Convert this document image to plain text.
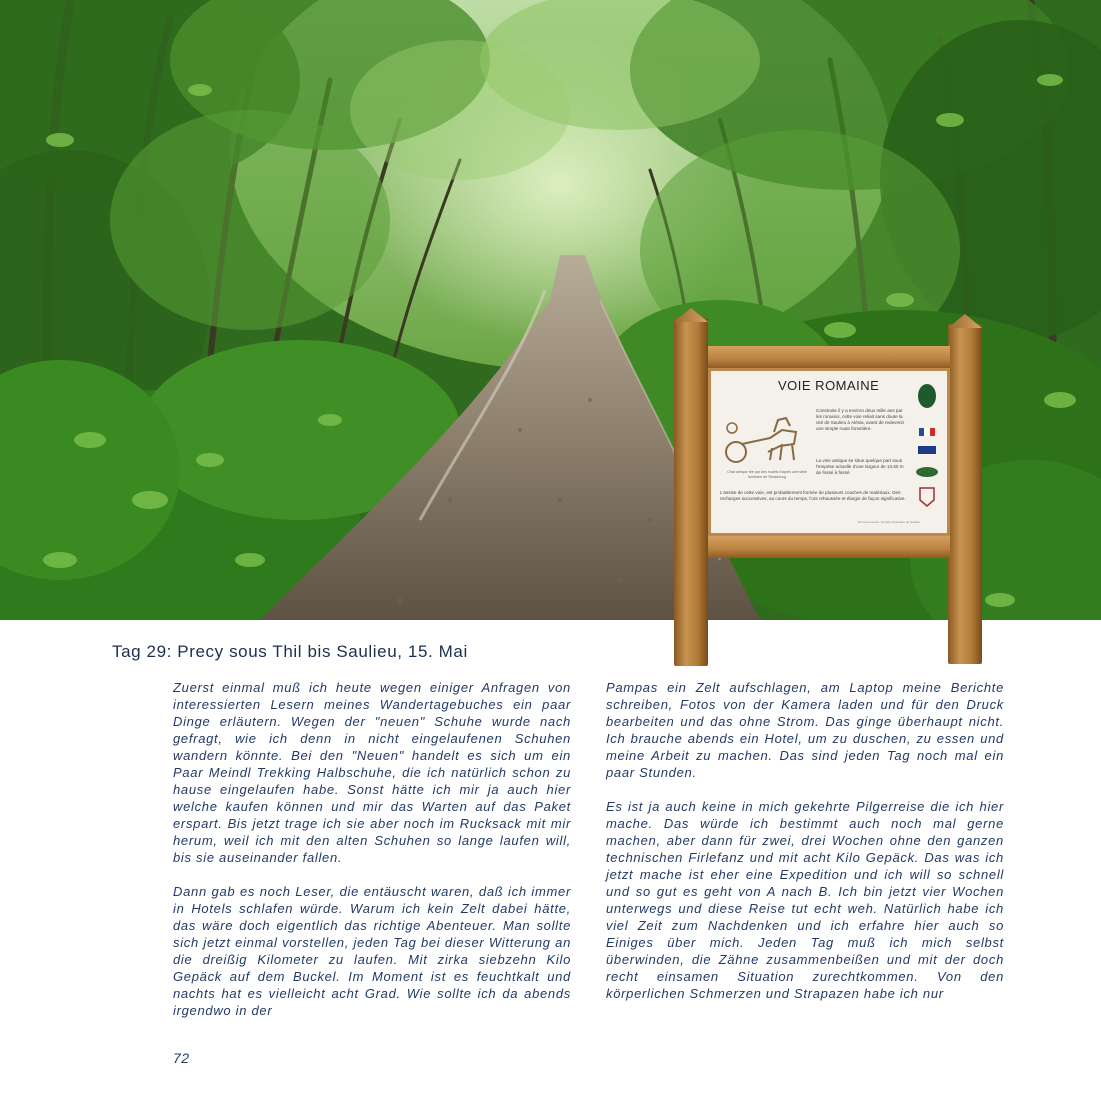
VOIE ROMAINE
Char antique tiré par des mulets d'après une stèle funéraire de Strasbourg
Construite il y a environ deux mille ans par les romains, cette voie reliait sans doute la cité de Saulieu à Alésia, avant de redevenir une simple route forestière.
La voie antique se situe quelque part sous l'emprise actuelle d'une largeur de 13,50 m de fossé à fossé.
L'assise de cette voie, est probablement formée de plusieurs couches de matériaux. Des recharges successives, au cours du temps, l'ont rehaussée et élargie de façon significative.
Remerciements: Société Historique de Saulieu
Tag 29: Precy sous Thil bis Saulieu, 15. Mai

Zuerst einmal muß ich heute wegen einiger Anfragen von interessierten Lesern meines Wandertagebuches ein paar Dinge erläutern. Wegen der "neuen" Schuhe wurde nach gefragt, wie ich denn in nicht eingelaufenen Schuhen wandern könnte. Bei den "Neuen" handelt es sich um ein Paar Meindl Trekking Halbschuhe, die ich natürlich schon zu hause eingelaufen habe. Sonst hätte ich mir ja auch hier welche kaufen können und mir das Warten auf das Paket erspart. Bis jetzt trage ich sie aber noch im Rucksack mit mir herum, weil ich mit den alten Schuhen so lange laufen will, bis sie auseinander fallen.

Dann gab es noch Leser, die entäuscht waren, daß ich immer in Hotels schlafen würde. Warum ich kein Zelt dabei hätte, das wäre doch eigentlich das richtige Abenteuer. Man sollte sich jetzt einmal vorstellen, jeden Tag bei dieser Witterung an die dreißig Kilometer zu laufen. Mit zirka siebzehn Kilo Gepäck auf dem Buckel. Im Moment ist es feuchtkalt und nachts hat es vielleicht acht Grad. Wie sollte ich da abends irgendwo in der

Pampas ein Zelt aufschlagen, am Laptop meine Berichte schreiben, Fotos von der Kamera laden und für den Druck bearbeiten und das ohne Strom. Das ginge überhaupt nicht. Ich brauche abends ein Hotel, um zu duschen, zu essen und meine Arbeit zu machen. Das sind jeden Tag noch mal ein paar Stunden.

Es ist ja auch keine in mich gekehrte Pilgerreise die ich hier mache. Das würde ich bestimmt auch noch mal gerne machen, aber dann für zwei, drei Wochen ohne den ganzen technischen Firlefanz und mit acht Kilo Gepäck. Das was ich jetzt mache ist eher eine Expedition und ich will so schnell und so gut es geht von A nach B. Ich bin jetzt vier Wochen unterwegs und diese Reise tut echt weh. Natürlich habe ich viel Zeit zum Nachdenken und ich erfahre hier auch so Einiges über mich. Jeden Tag muß ich mich selbst überwinden, die Zähne zusammenbeißen und mit der doch recht einsamen Situation zurechtkommen. Von den körperlichen Schmerzen und Strapazen habe ich nur

72
